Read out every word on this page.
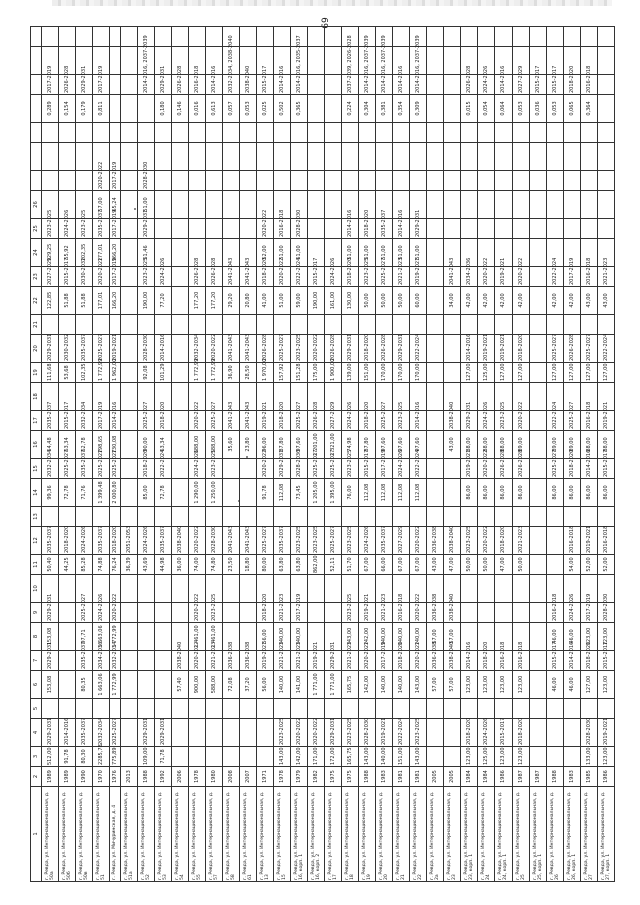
69
1	2	3	4	5	6	7	8	9	10	11	12	13	14	15	16	17	18	19	20	21	22	23	24	25	26							
г. Ревда, ул. Интернациональная, д. 50а	1989	512,00	2029-2031		153,08	2029-2031	153,08	2029-2031		50,40	2035-2037		99,36	2032-2034	54,48	2035-2037		111,68	2029-2031		122,85	2027-2029	129,25	2023-2025					0,289	2017-2019		
г. Ревда, ул. Интернациональная, д. 50б	1989	91,78	2014-2016							44,25	2018-2020		72,78	2025-2027	63,34	2015-2017		53,68	2030-2032		51,88	2015-2017	55,92	2024-2026					0,154	2026-2028		
г. Ревда, ул. Интернациональная, д. 50в	1990	80,30	2035-2037		80,35	2035-2037	97,71	2025-2027		85,28	2024-2026		71,76	2035-2037	62,78	2032-2034		102,35	2035-2037		51,88	2030-2032	102,35	2023-2025					0,179	2029-2031		
г. Ревда, ул. Интернациональная, д. 51	1970	2285,78	2032-2034		1 663,06	2034-2036	1 663,06	2024-2026		74,88	2035-2037		1 399,48	2025-2027	198,65	2017-2019		1 772,99	2025-2027		177,01	2020-2022	177,01	2035-2037	57,00	2020-2022			0,811	2017-2019		
г. Ревда, ул. Мичуринская, д. 4	1976	775,89	2025-2027		1 772,99	2032-2034	1 772,99	2020-2022		76,24	2018-2020		2 000,80	2025-2027	130,08	2014-2016		1 962,00	2019-2021		166,20	2017-2019	166,20	2017-2019	65,24	2017-2019						
г. Ревда, ул. Интернациональная, д. 51а	2013									36,39	2051-2053																					
г. Ревда, ул. Интернациональная, д. 52	1988	109,00	2029-2031							43,69	2024-2026		85,00	2018-2020	90,00	2025-2027		92,08	2028-2030		190,00	2023-2025	51,46	2029-2031	51,00	2028-2030				2014-2016, 2037-2039		
г. Ревда, ул. Интернациональная, д. 53	1992	71,78	2029-2031							44,98	2035-2037		72,78	2022-2024	63,34	2018-2020		101,29	2014-2016		77,20	2024-2026							0,180	2029-2031		
г. Ревда, ул. Интернациональная, д. 54	2006				57,40	2038-2040				36,00	2038-2040																		0,146	2026-2028		
г. Ревда, ул. Интернациональная, д. 55	1978				900,00	2020-2022	1 461,00	2020-2022		74,00	2020-2022		1 290,00	2024-2026	188,00	2020-2022		1 772,99	2032-2034		177,20	2026-2028							0,016	2016-2018		
г. Ревда, ул. Интернациональная, д. 57	1980				588,00	2021-2023	1 461,00	2023-2025		74,80	2028-2030		1 250,00	2023-2025	188,00	2025-2027		1 772,99	2020-2022		177,20	2026-2028							0,613	2014-2016		
г. Ревда, ул. Интернациональная, д. 58	2008				72,08	2036-2038				23,50	2041-2043				35,60	2041-2043		36,90	2041-2043		29,20	2041-2043							0,057	2032-2034, 2038-2040		
г. Ревда, ул. Интернациональная, д. 61	2007				37,20	2036-2038				18,80	2041-2043				23,80	2041-2043		28,50	2041-2043		20,80	2041-2043							0,053	2038-2040		
г. Ревда, ул. Интернациональная, д. 13	1971				56,00	2019-2021	56,00	2018-2020		80,00	2025-2027		91,78	2020-2022	96,00	2019-2021		1 970,00	2026-2028		41,00	2018-2020	52,00	2020-2022					0,025	2015-2017		
г. Ревда, ул. Интернациональная, д. 15	1978	143,00	2023-2025		140,00	2021-2023	140,00	2021-2023		63,80	2035-2037		112,08	2029-2031	87,80	2018-2020		157,92	2025-2027		51,00	2020-2022	51,00	2016-2018					0,502	2014-2016		
г. Ревда, ул. Интернациональная, д. 16, корп. 1	1979	142,00	2020-2022		141,00	2021-2023	140,00	2017-2019		63,80	2023-2025		73,45	2028-2030	97,60	2025-2027		151,28	2023-2025		59,00	2022-2024	51,00	2028-2030					0,365	2014-2016, 2035-2037		
г. Ревда, ул. Интернациональная, д. 16, корп. 2	1982	171,00	2020-2022		1 771,00	2019-2021				862,00	2023-2025		1 205,00	2025-2027	1 201,00	2026-2028		175,00	2020-2022		190,00	2015-2017										
г. Ревда, ул. Интернациональная, д. 17	1975	172,00	2029-2031		1 771,00	2029-2031				52,11	2025-2027		1 395,00	2025-2027	1 321,00	2027-2029		1 900,00	2026-2028		161,00	2024-2026										
г. Ревда, ул. Интернациональная, д. 18	1975	165,75	2023-2025		165,75	2021-2023	143,00	2023-2025		51,70	2023-2025		76,00	2023-2025	74,98	2024-2026		139,00	2029-2031		130,00	2018-2020	51,00	2014-2016					0,224	2037-2039, 2026-2028		
г. Ревда, ул. Интернациональная, д. 19	1988	143,00	2028-2030		142,00	2020-2022	142,00	2019-2021		67,00	2024-2026		112,08	2015-2017	87,80	2018-2020		151,00	2018-2020		50,00	2023-2025	51,00	2018-2020					0,304	2014-2016, 2037-2039		
г. Ревда, ул. Интернациональная, д. 20	1983	140,00	2019-2021		140,00	2017-2019	140,00	2021-2023		66,00	2035-2037		112,08	2017-2019	97,60	2025-2027		170,00	2026-2028		50,00	2025-2027	51,00	2035-2037					0,381	2014-2016, 2037-2039		
г. Ревда, ул. Интернациональная, д. 21	1981	151,00	2022-2024		140,00	2018-2020	140,00	2016-2018		67,00	2027-2029		112,08	2024-2026	97,60	2023-2025		170,00	2029-2031		50,00	2021-2023	51,00	2014-2016					0,354	2014-2016		
г. Ревда, ул. Интернациональная, д. 22	1981	143,00	2023-2025		143,00	2020-2022	140,00	2020-2022		67,00	2020-2022		112,08	2022-2024	97,60	2014-2016		170,00	2022-2024		60,00	2019-2021	51,00	2029-2031					0,309	2014-2016, 2037-2039		
г. Ревда, ул. Интернациональная, д. 2а	2005				57,00	2036-2038	57,00	2036-2038		43,00	2036-2038																					
г. Ревда, ул. Интернациональная, д. 23	2005				57,00	2038-2040	57,00	2038-2040		47,00	2038-2040				43,00	2038-2040					34,00	2041-2043										
г. Ревда, ул. Интернациональная, д. 23, корп. 1	1984	123,00	2018-2020		123,00	2014-2016				50,00	2023-2025		86,00	2019-2021	88,00	2029-2031		127,00	2014-2016		42,00	2034-2036							0,015	2026-2028		
г. Ревда, ул. Интернациональная, д. 24	1984	125,00	2024-2026		123,00	2018-2020				50,00	2020-2022		86,00	2020-2022	88,00	2024-2026		125,00	2019-2021		42,00	2020-2022							0,054	2024-2026		
г. Ревда, ул. Интернациональная, д. 24, корп. 1	1986	123,00	2015-2017		123,00	2016-2018				47,00	2018-2020		86,00	2026-2028	88,00	2023-2025		127,00	2019-2021		42,00	2019-2021							0,064	2014-2016		
г. Ревда, ул. Интернациональная, д. 25	1987	123,00	2018-2020		123,00	2016-2018				50,00	2021-2023		86,00	2026-2028	89,00	2020-2022		127,00	2018-2020		42,00	2020-2022							0,053	2027-2029		
г. Ревда, ул. Интернациональная, д. 25, корп. 1	1987																												0,036	2015-2017		
г. Ревда, ул. Интернациональная, д. 26	1988				46,00	2015-2017	46,00	2016-2018					86,00	2025-2027	89,00	2022-2024		127,00	2025-2027		42,00	2022-2024							0,053	2015-2017		
г. Ревда, ул. Интернациональная, д. 26, корп. 1	1983				46,00	2014-2016	46,00	2024-2026		54,00	2016-2018		86,00	2018-2020	89,00	2025-2027		127,00	2026-2028		42,00	2017-2019							0,065	2018-2020		
г. Ревда, ул. Интернациональная, д. 27	1985	133,00	2028-2030		127,00	2018-2020	123,00	2017-2019		52,00	2019-2021		86,00	2014-2016	88,00	2016-2018		127,00	2025-2027		43,00	2016-2018							0,364	2016-2018		
г. Ревда, ул. Интернациональная, д. 27, корп. 1	1986	123,00	2019-2021		123,00	2015-2017	123,00	2028-2030		52,00	2016-2018		86,00	2015-2017	88,00	2019-2021		127,00	2022-2024		43,00	2021-2023										
